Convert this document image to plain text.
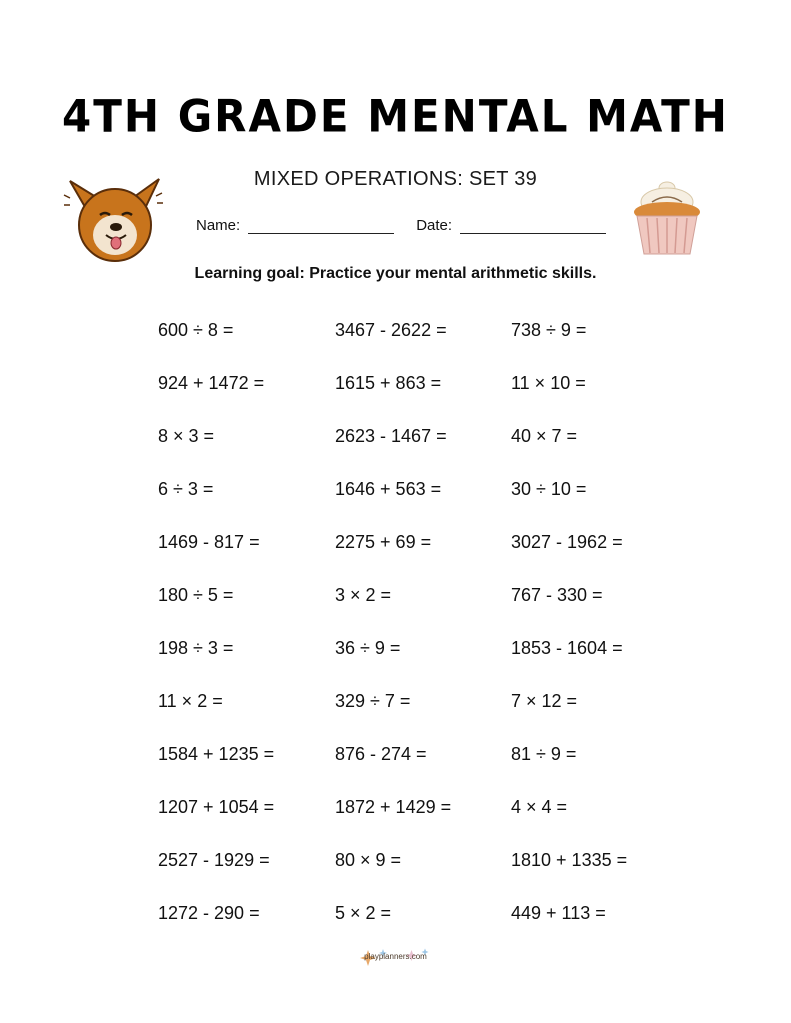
4TH GRADE MENTAL MATH
MIXED OPERATIONS: SET 39
Name:	Date:
Learning goal: Practice your mental arithmetic skills.
600 ÷ 8 =	3467 - 2622 =	738 ÷ 9 =
924 + 1472 =	1615 + 863 =	11 × 10 =
8 × 3 =	2623 - 1467 =	40 × 7 =
6 ÷ 3 =	1646 + 563 =	30 ÷ 10 =
1469 - 817 =	2275 + 69 =	3027 - 1962 =
180 ÷ 5 =	3 × 2 =	767 - 330 =
198 ÷ 3 =	36 ÷ 9 =	1853 - 1604 =
11 × 2 =	329 ÷ 7 =	7 × 12 =
1584 + 1235 =	876 - 274 =	81 ÷ 9 =
1207 + 1054 =	1872 + 1429 =	4 × 4 =
2527 - 1929 =	80 × 9 =	1810 + 1335 =
1272 - 290 =	5 × 2 =	449 + 113 =
playplanners.com
